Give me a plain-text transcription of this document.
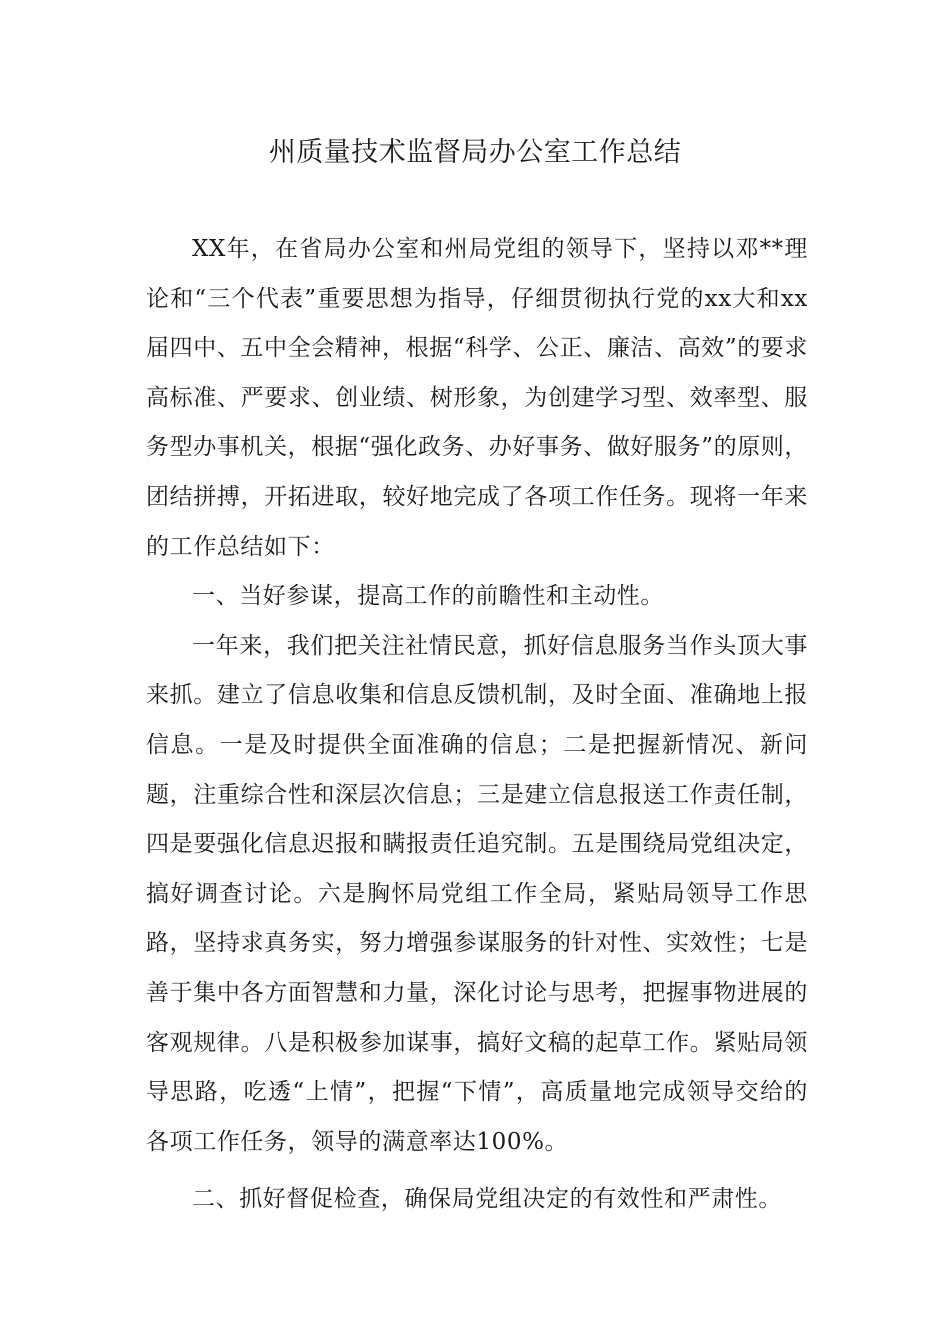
州质量技术监督局办公室工作总结

XX年，在省局办公室和州局党组的领导下，坚持以邓**理论和“三个代表”重要思想为指导，仔细贯彻执行党的xx大和xx届四中、五中全会精神，根据“科学、公正、廉洁、高效”的要求高标准、严要求、创业绩、树形象，为创建学习型、效率型、服务型办事机关，根据“强化政务、办好事务、做好服务”的原则，团结拼搏，开拓进取，较好地完成了各项工作任务。现将一年来的工作总结如下：

一、当好参谋，提高工作的前瞻性和主动性。

一年来，我们把关注社情民意，抓好信息服务当作头顶大事来抓。建立了信息收集和信息反馈机制，及时全面、准确地上报信息。一是及时提供全面准确的信息；二是把握新情况、新问题，注重综合性和深层次信息；三是建立信息报送工作责任制，四是要强化信息迟报和瞒报责任追究制。五是围绕局党组决定，搞好调查讨论。六是胸怀局党组工作全局，紧贴局领导工作思路，坚持求真务实，努力增强参谋服务的针对性、实效性；七是善于集中各方面智慧和力量，深化讨论与思考，把握事物进展的客观规律。八是积极参加谋事，搞好文稿的起草工作。紧贴局领导思路，吃透“上情”，把握“下情”，高质量地完成领导交给的各项工作任务，领导的满意率达100%。

二、抓好督促检查，确保局党组决定的有效性和严肃性。
